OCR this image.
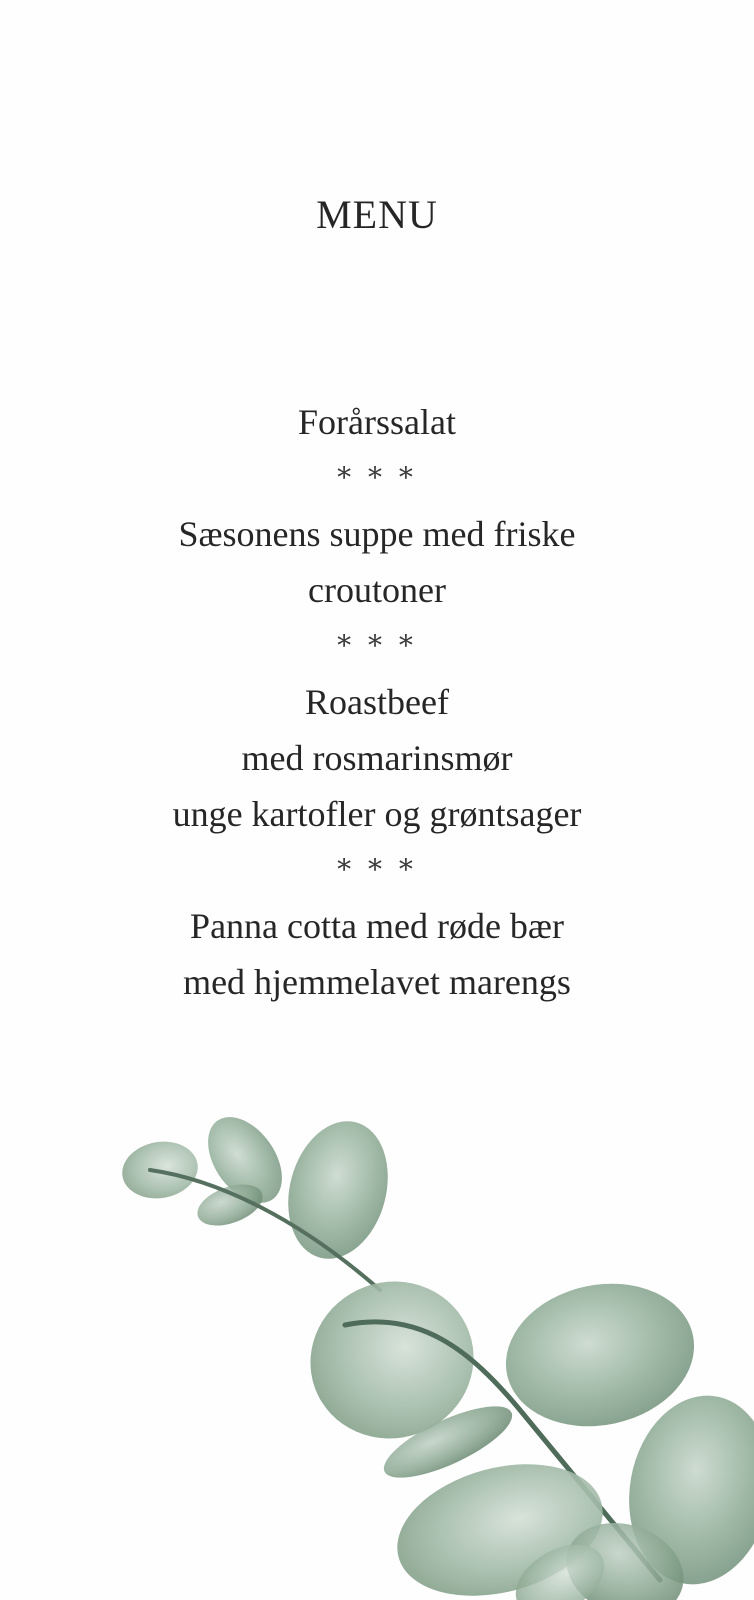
MENU
Forårssalat
* * *
Sæsonens suppe med friske
croutoner
* * *
Roastbeef
med rosmarinsmør
unge kartofler og grøntsager
* * *
Panna cotta med røde bær
med hjemmelavet marengs
